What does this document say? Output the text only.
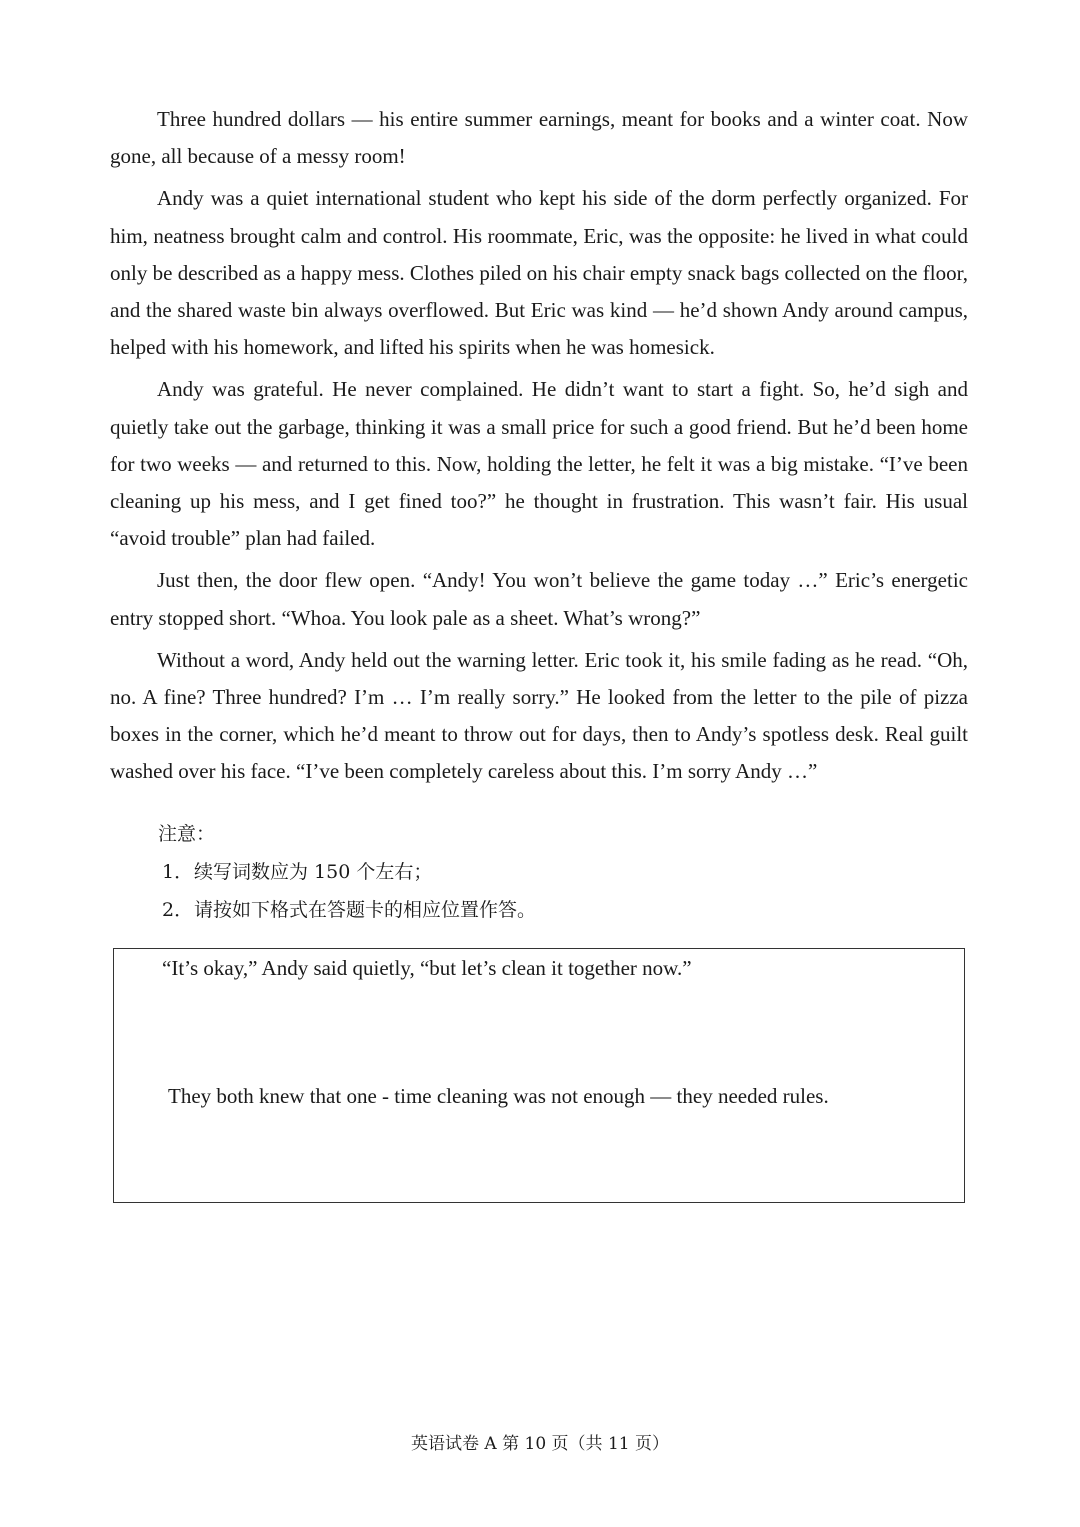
Three hundred dollars — his entire summer earnings, meant for books and a winter coat. Now gone, all because of a messy room!

Andy was a quiet international student who kept his side of the dorm perfectly organized. For him, neatness brought calm and control. His roommate, Eric, was the opposite: he lived in what could only be described as a happy mess. Clothes piled on his chair empty snack bags collected on the floor, and the shared waste bin always overflowed. But Eric was kind — he’d shown Andy around campus, helped with his homework, and lifted his spirits when he was homesick.

Andy was grateful. He never complained. He didn’t want to start a fight. So, he’d sigh and quietly take out the garbage, thinking it was a small price for such a good friend. But he’d been home for two weeks — and returned to this. Now, holding the letter, he felt it was a big mistake. “I’ve been cleaning up his mess, and I get fined too?” he thought in frustration. This wasn’t fair. His usual “avoid trouble” plan had failed.

Just then, the door flew open. “Andy! You won’t believe the game today …” Eric’s energetic entry stopped short. “Whoa. You look pale as a sheet. What’s wrong?”

Without a word, Andy held out the warning letter. Eric took it, his smile fading as he read. “Oh, no. A fine? Three hundred? I’m … I’m really sorry.” He looked from the letter to the pile of pizza boxes in the corner, which he’d meant to throw out for days, then to Andy’s spotless desk. Real guilt washed over his face. “I’ve been completely careless about this. I’m sorry Andy …”

注意：
1．续写词数应为 150 个左右；
2．请按如下格式在答题卡的相应位置作答。
“It’s okay,” Andy said quietly, “but let’s clean it together now.”
They both knew that one - time cleaning was not enough — they needed rules.
英语试卷 A 第 10 页（共 11 页）
